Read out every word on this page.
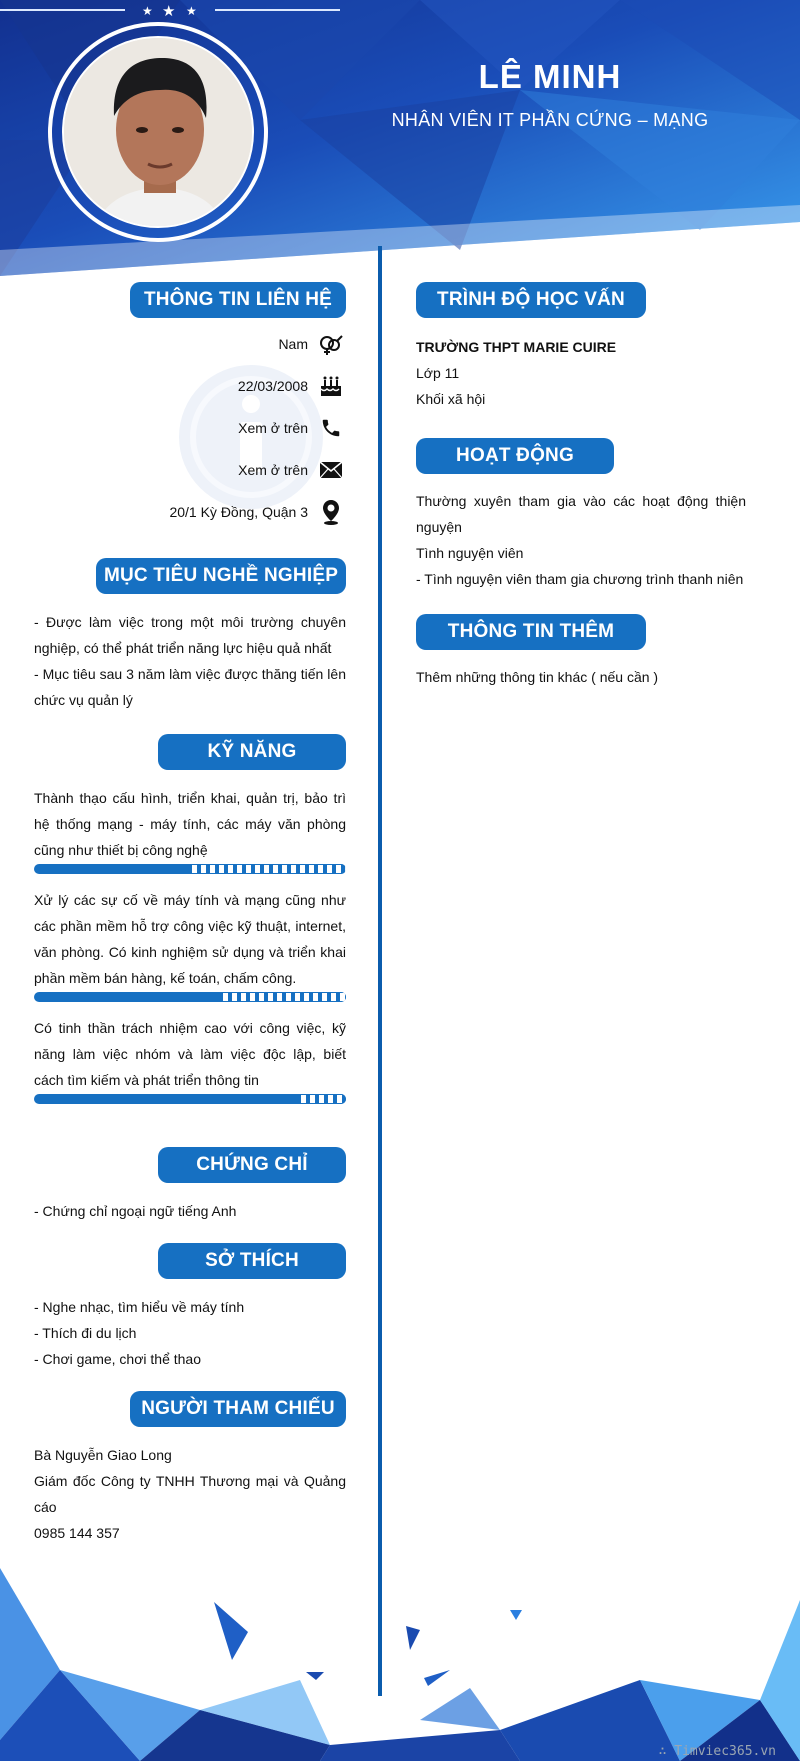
LÊ MINH
NHÂN VIÊN IT PHẦN CỨNG – MẠNG
★ ★ ★
THÔNG TIN LIÊN HỆ
Nam
22/03/2008
Xem ở trên
Xem ở trên
20/1 Kỳ Đồng, Quận 3
MỤC TIÊU NGHỀ NGHIỆP
- Được làm việc trong một môi trường chuyên nghiệp, có thể phát triển năng lực hiệu quả nhất
- Mục tiêu sau 3 năm làm việc được thăng tiến lên chức vụ quản lý
KỸ NĂNG
Thành thạo cấu hình, triển khai, quản trị, bảo trì hệ thống mạng - máy tính, các máy văn phòng cũng như thiết bị công nghệ
Xử lý các sự cố về máy tính và mạng cũng như các phần mềm hỗ trợ công việc kỹ thuật, internet, văn phòng. Có kinh nghiệm sử dụng và triển khai phần mềm bán hàng, kế toán, chấm công.
Có tinh thần trách nhiệm cao với công việc, kỹ năng làm việc nhóm và làm việc độc lập, biết cách tìm kiếm và phát triển thông tin
CHỨNG CHỈ
- Chứng chỉ ngoại ngữ tiếng Anh
SỞ THÍCH
- Nghe nhạc, tìm hiểu về máy tính
- Thích đi du lịch
- Chơi game, chơi thể thao
NGƯỜI THAM CHIẾU
Bà Nguyễn Giao Long
Giám đốc Công ty TNHH Thương mại và Quảng cáo
0985 144 357
TRÌNH ĐỘ HỌC VẤN
TRƯỜNG THPT MARIE CUIRE
Lớp 11
Khối xã hội
HOẠT ĐỘNG
Thường xuyên tham gia vào các hoạt động thiện nguyện
Tình nguyện viên
- Tình nguyện viên tham gia chương trình thanh niên
THÔNG TIN THÊM
Thêm những thông tin khác ( nếu cần )
∴ Timviec365.vn
